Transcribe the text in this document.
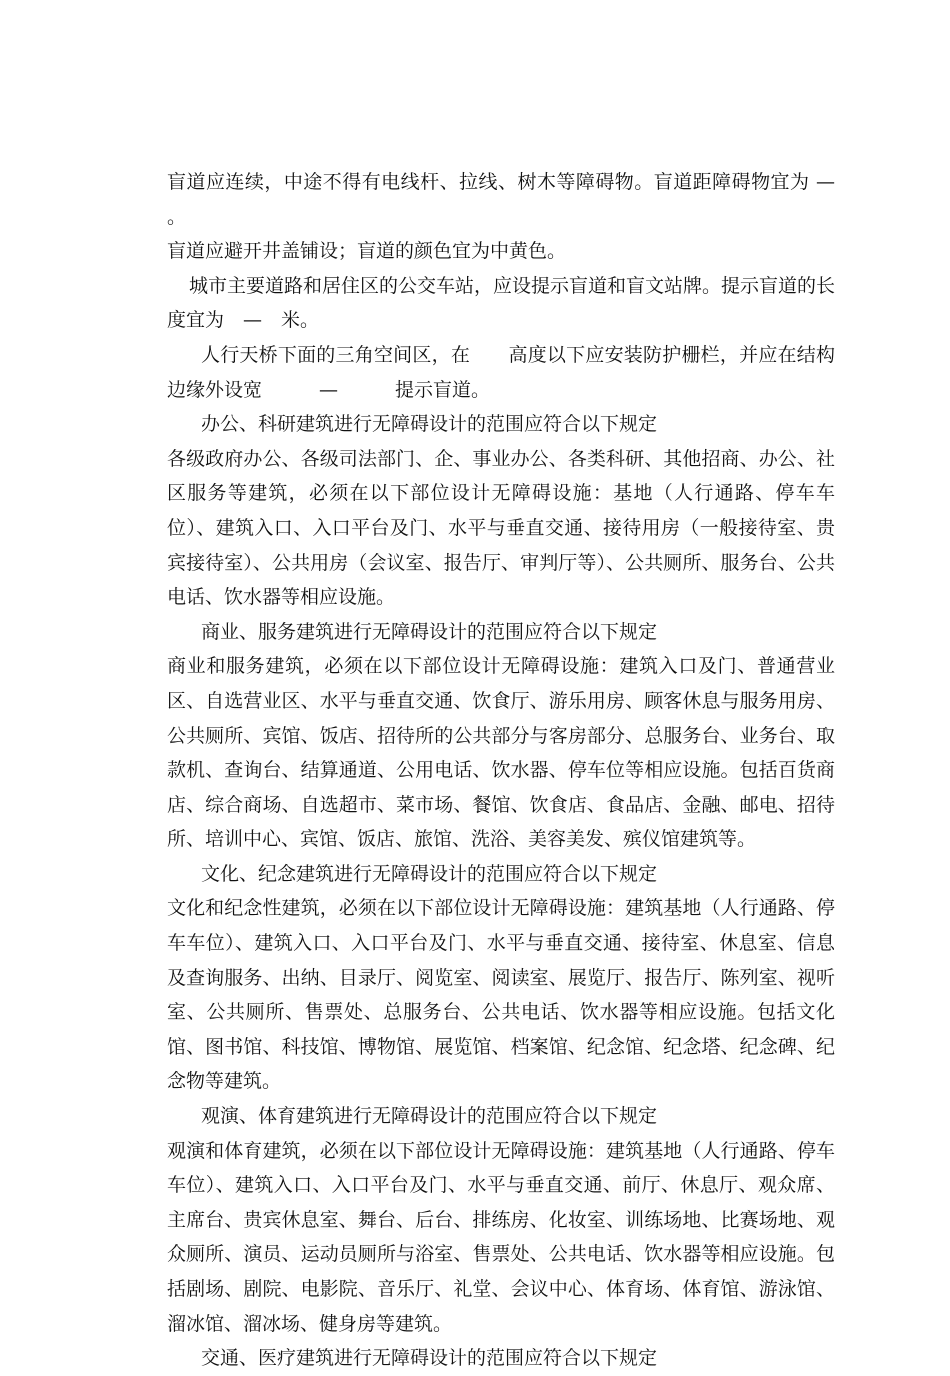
盲道应连续，中途不得有电线杆、拉线、树木等障碍物。盲道距障碍物宜为 —　　。

盲道应避开井盖铺设；盲道的颜色宜为中黄色。

城市主要道路和居住区的公交车站，应设提示盲道和盲文站牌。提示盲道的长度宜为　—　米。

人行天桥下面的三角空间区，在　　高度以下应安装防护栅栏，并应在结构边缘外设宽　　　—　　　提示盲道。

办公、科研建筑进行无障碍设计的范围应符合以下规定

各级政府办公、各级司法部门、企、事业办公、各类科研、其他招商、办公、社区服务等建筑，必须在以下部位设计无障碍设施：基地（人行通路、停车车位）、建筑入口、入口平台及门、水平与垂直交通、接待用房（一般接待室、贵宾接待室）、公共用房（会议室、报告厅、审判厅等）、公共厕所、服务台、公共电话、饮水器等相应设施。

商业、服务建筑进行无障碍设计的范围应符合以下规定

商业和服务建筑，必须在以下部位设计无障碍设施：建筑入口及门、普通营业区、自选营业区、水平与垂直交通、饮食厅、游乐用房、顾客休息与服务用房、公共厕所、宾馆、饭店、招待所的公共部分与客房部分、总服务台、业务台、取款机、查询台、结算通道、公用电话、饮水器、停车位等相应设施。包括百货商店、综合商场、自选超市、菜市场、餐馆、饮食店、食品店、金融、邮电、招待所、培训中心、宾馆、饭店、旅馆、洗浴、美容美发、殡仪馆建筑等。

文化、纪念建筑进行无障碍设计的范围应符合以下规定

文化和纪念性建筑，必须在以下部位设计无障碍设施：建筑基地（人行通路、停车车位）、建筑入口、入口平台及门、水平与垂直交通、接待室、休息室、信息及查询服务、出纳、目录厅、阅览室、阅读室、展览厅、报告厅、陈列室、视听室、公共厕所、售票处、总服务台、公共电话、饮水器等相应设施。包括文化馆、图书馆、科技馆、博物馆、展览馆、档案馆、纪念馆、纪念塔、纪念碑、纪念物等建筑。

观演、体育建筑进行无障碍设计的范围应符合以下规定

观演和体育建筑，必须在以下部位设计无障碍设施：建筑基地（人行通路、停车车位）、建筑入口、入口平台及门、水平与垂直交通、前厅、休息厅、观众席、主席台、贵宾休息室、舞台、后台、排练房、化妆室、训练场地、比赛场地、观众厕所、演员、运动员厕所与浴室、售票处、公共电话、饮水器等相应设施。包括剧场、剧院、电影院、音乐厅、礼堂、会议中心、体育场、体育馆、游泳馆、溜冰馆、溜冰场、健身房等建筑。

交通、医疗建筑进行无障碍设计的范围应符合以下规定
